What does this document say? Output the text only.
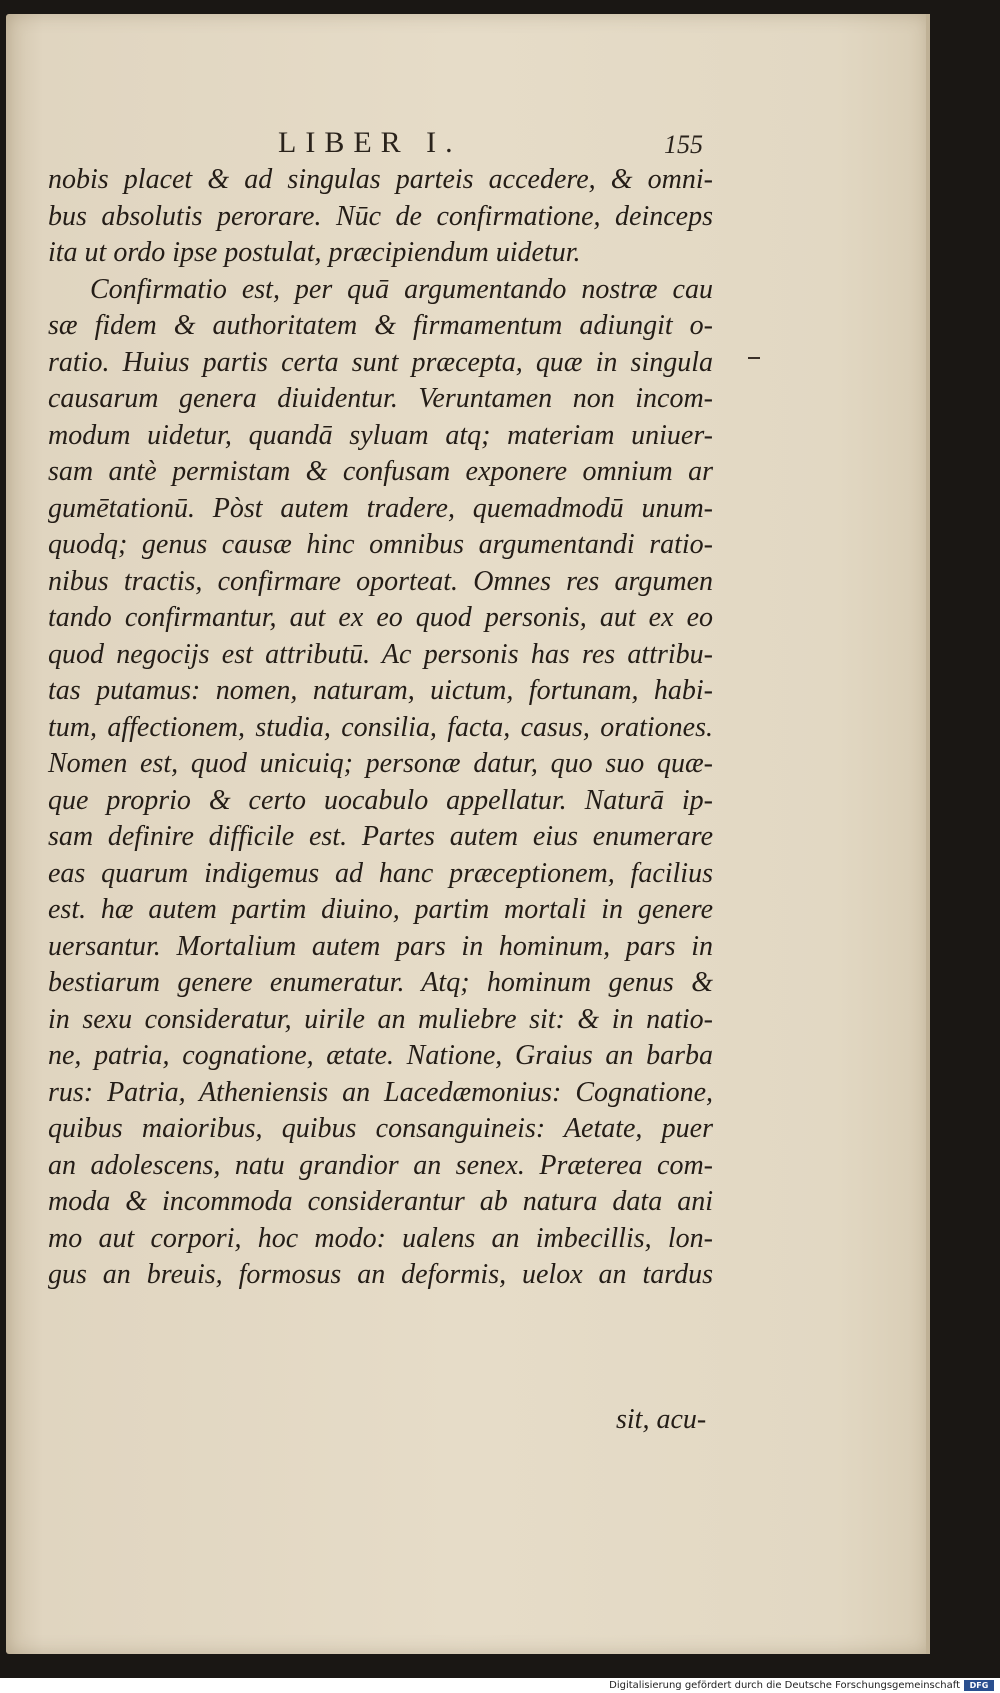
LIBER I.	155
nobis placet & ad singulas parteis accedere, & omni-
bus absolutis perorare. Nūc de confirmatione, deinceps
ita ut ordo ipse postulat, præcipiendum uidetur.
Confirmatio est, per quā argumentando nostræ cau
sæ fidem & authoritatem & firmamentum adiungit o-
ratio. Huius partis certa sunt præcepta, quæ in singula
causarum genera diuidentur. Veruntamen non incom-
modum uidetur, quandā syluam atq; materiam uniuer-
sam antè permistam & confusam exponere omnium ar
gumētationū. Pòst autem tradere, quemadmodū unum-
quodq; genus causæ hinc omnibus argumentandi ratio-
nibus tractis, confirmare oporteat. Omnes res argumen
tando confirmantur, aut ex eo quod personis, aut ex eo
quod negocijs est attributū. Ac personis has res attribu-
tas putamus: nomen, naturam, uictum, fortunam, habi-
tum, affectionem, studia, consilia, facta, casus, orationes.
Nomen est, quod unicuiq; personæ datur, quo suo quæ-
que proprio & certo uocabulo appellatur. Naturā ip-
sam definire difficile est. Partes autem eius enumerare
eas quarum indigemus ad hanc præceptionem, facilius
est. hæ autem partim diuino, partim mortali in genere
uersantur. Mortalium autem pars in hominum, pars in
bestiarum genere enumeratur. Atq; hominum genus &
in sexu consideratur, uirile an muliebre sit: & in natio-
ne, patria, cognatione, ætate. Natione, Graius an barba
rus: Patria, Atheniensis an Lacedæmonius: Cognatione,
quibus maioribus, quibus consanguineis: Aetate, puer
an adolescens, natu grandior an senex. Præterea com-
moda & incommoda considerantur ab natura data ani
mo aut corpori, hoc modo: ualens an imbecillis, lon-
gus an breuis, formosus an deformis, uelox an tardus
sit, acu-
Digitalisierung gefördert durch die Deutsche Forschungsgemeinschaft	DFG
